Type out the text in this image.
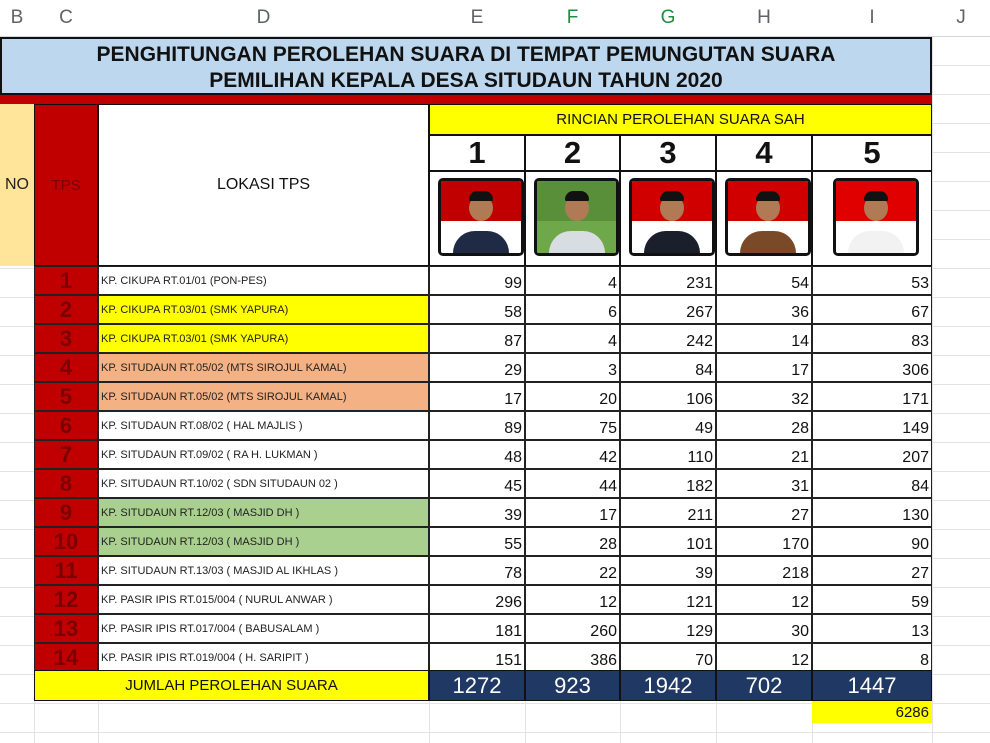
B	C	D	E	F	G	H	I	J
PENGHITUNGAN PEROLEHAN SUARA DI TEMPAT PEMUNGUTAN SUARA
PEMILIHAN KEPALA DESA SITUDAUN TAHUN 2020
NO	TPS	LOKASI TPS
RINCIAN PEROLEHAN SUARA SAH
1	2	3	4	5
1	KP. CIKUPA RT.01/01 (PON-PES)	99	4	231	54	53
2	KP. CIKUPA RT.03/01 (SMK YAPURA)	58	6	267	36	67
3	KP. CIKUPA RT.03/01 (SMK YAPURA)	87	4	242	14	83
4	KP. SITUDAUN RT.05/02 (MTS SIROJUL KAMAL)	29	3	84	17	306
5	KP. SITUDAUN RT.05/02 (MTS SIROJUL KAMAL)	17	20	106	32	171
6	KP. SITUDAUN RT.08/02 ( HAL MAJLIS )	89	75	49	28	149
7	KP. SITUDAUN RT.09/02 ( RA H. LUKMAN )	48	42	110	21	207
8	KP. SITUDAUN RT.10/02 ( SDN SITUDAUN 02 )	45	44	182	31	84
9	KP. SITUDAUN RT.12/03 ( MASJID DH )	39	17	211	27	130
10	KP. SITUDAUN RT.12/03 ( MASJID DH )	55	28	101	170	90
11	KP. SITUDAUN RT.13/03 ( MASJID AL IKHLAS )	78	22	39	218	27
12	KP. PASIR IPIS RT.015/004 ( NURUL ANWAR )	296	12	121	12	59
13	KP. PASIR IPIS RT.017/004 ( BABUSALAM )	181	260	129	30	13
14	KP. PASIR IPIS RT.019/004 ( H. SARIPIT )	151	386	70	12	8
JUMLAH PEROLEHAN SUARA	1272	923	1942	702	1447
6286
